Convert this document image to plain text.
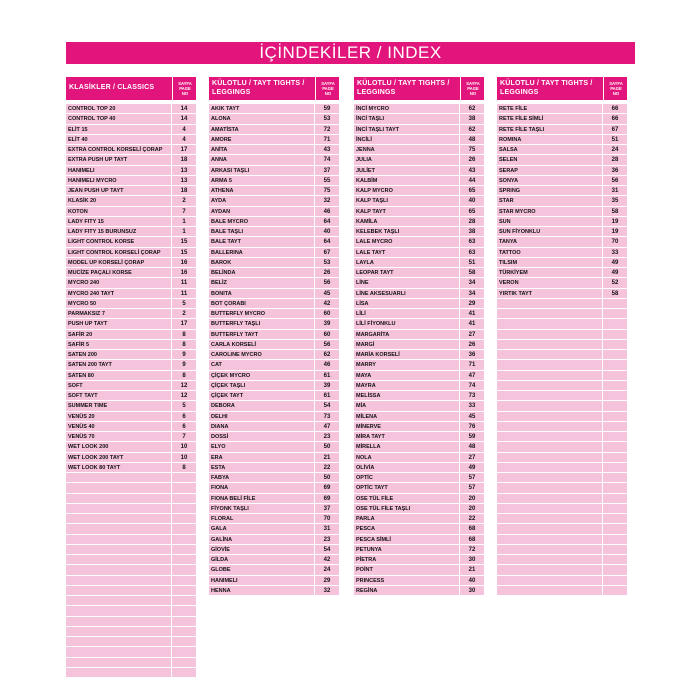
İÇİNDEKİLER / INDEX
KLASİKLER / CLASSICS
SAYFA
PAGE
NO
CONTROL TOP 20	14
CONTROL TOP 40	14
ELİT 15	4
ELİT 40	4
EXTRA CONTROL KORSELİ ÇORAP	17
EXTRA PUSH UP TAYT	18
HANIMELI	13
HANIMELI MYCRO	13
JEAN PUSH UP TAYT	18
KLASİK 20	2
KOTON	7
LADY FITY 15	1
LADY FITY 15 BURUNSUZ	1
LIGHT CONTROL KORSE	15
LIGHT CONTROL KORSELİ ÇORAP	15
MODEL UP KORSELİ ÇORAP	16
MUCİZE PAÇALI KORSE	16
MYCRO 240	11
MYCRO 240 TAYT	11
MYCRO 50	5
PARMAKSIZ 7	2
PUSH UP TAYT	17
SAFİR 20	8
SAFİR 5	8
SATEN 200	9
SATEN 200 TAYT	9
SATEN 80	8
SOFT	12
SOFT TAYT	12
SUMMER TIME	5
VENÜS 20	6
VENÜS 40	6
VENÜS 70	7
WET LOOK 200	10
WET LOOK 200 TAYT	10
WET LOOK 80 TAYT	8
KÜLOTLU / TAYT TIGHTS / LEGGINGS
SAYFA
PAGE
NO
AKIK TAYT	59
ALONA	53
AMATİSTA	72
AMORE	71
ANİTA	43
ANNA	74
ARKASI TAŞLI	37
ARMA 5	55
ATHENA	75
AYDA	32
AYDAN	46
BALE MYCRO	64
BALE TAŞLI	40
BALE TAYT	64
BALLERINA	67
BAROK	53
BELİNDA	26
BELİZ	56
BONITA	45
BOT ÇORABI	42
BUTTERFLY MYCRO	60
BUTTERFLY TAŞLI	39
BUTTERFLY TAYT	60
CARLA KORSELİ	56
CAROLINE MYCRO	62
CAT	46
ÇİÇEK MYCRO	61
ÇİÇEK TAŞLI	39
ÇİÇEK TAYT	61
DEBORA	54
DELHI	73
DIANA	47
DOSSİ	23
ELYO	50
ERA	21
ESTA	22
FABYA	50
FIONA	69
FIONA BELİ FİLE	69
FİYONK TAŞLI	37
FLORAL	70
GALA	31
GALİNA	23
GİOVİE	54
GİLDA	42
GLOBE	24
HANIMELI	29
HENNA	32
KÜLOTLU / TAYT TIGHTS / LEGGINGS
SAYFA
PAGE
NO
İNCİ MYCRO	62
İNCİ TAŞLI	38
İNCİ TAŞLI TAYT	62
İNCİLİ	48
JENNA	75
JULIA	26
JULİET	43
KALBİM	44
KALP MYCRO	65
KALP TAŞLI	40
KALP TAYT	65
KAMİLA	28
KELEBEK TAŞLI	38
LALE MYCRO	63
LALE TAYT	63
LAYLA	51
LEOPAR TAYT	58
LİNE	34
LİNE AKSESUARLI	34
LİSA	29
LİLİ	41
LİLİ FİYONKLU	41
MARGARİTA	27
MARGİ	26
MARİA KORSELİ	36
MARRY	71
MAYA	47
MAYRA	74
MELİSSA	73
MİA	33
MİLENA	45
MİNERVE	76
MİRA TAYT	59
MİRELLA	48
NOLA	27
OLİVİA	49
OPTİC	57
OPTİC TAYT	57
OSE TÜL FİLE	20
OSE TÜL FİLE TAŞLI	20
PARLA	22
PESCA	68
PESCA SİMLİ	68
PETUNYA	72
PİETRA	30
POİNT	21
PRINCESS	40
REGİNA	30
KÜLOTLU / TAYT TIGHTS / LEGGINGS
SAYFA
PAGE
NO
RETE FİLE	66
RETE FİLE SİMLİ	66
RETE FİLE TAŞLI	67
ROMINA	51
SALSA	24
SELEN	28
SERAP	36
SONYA	56
SPRING	31
STAR	35
STAR MYCRO	58
SUN	19
SUN FİYONKLU	19
TANYA	70
TATTOO	33
TILSIM	49
TÜRKİYEM	49
VERON	52
YIRTIK TAYT	58
